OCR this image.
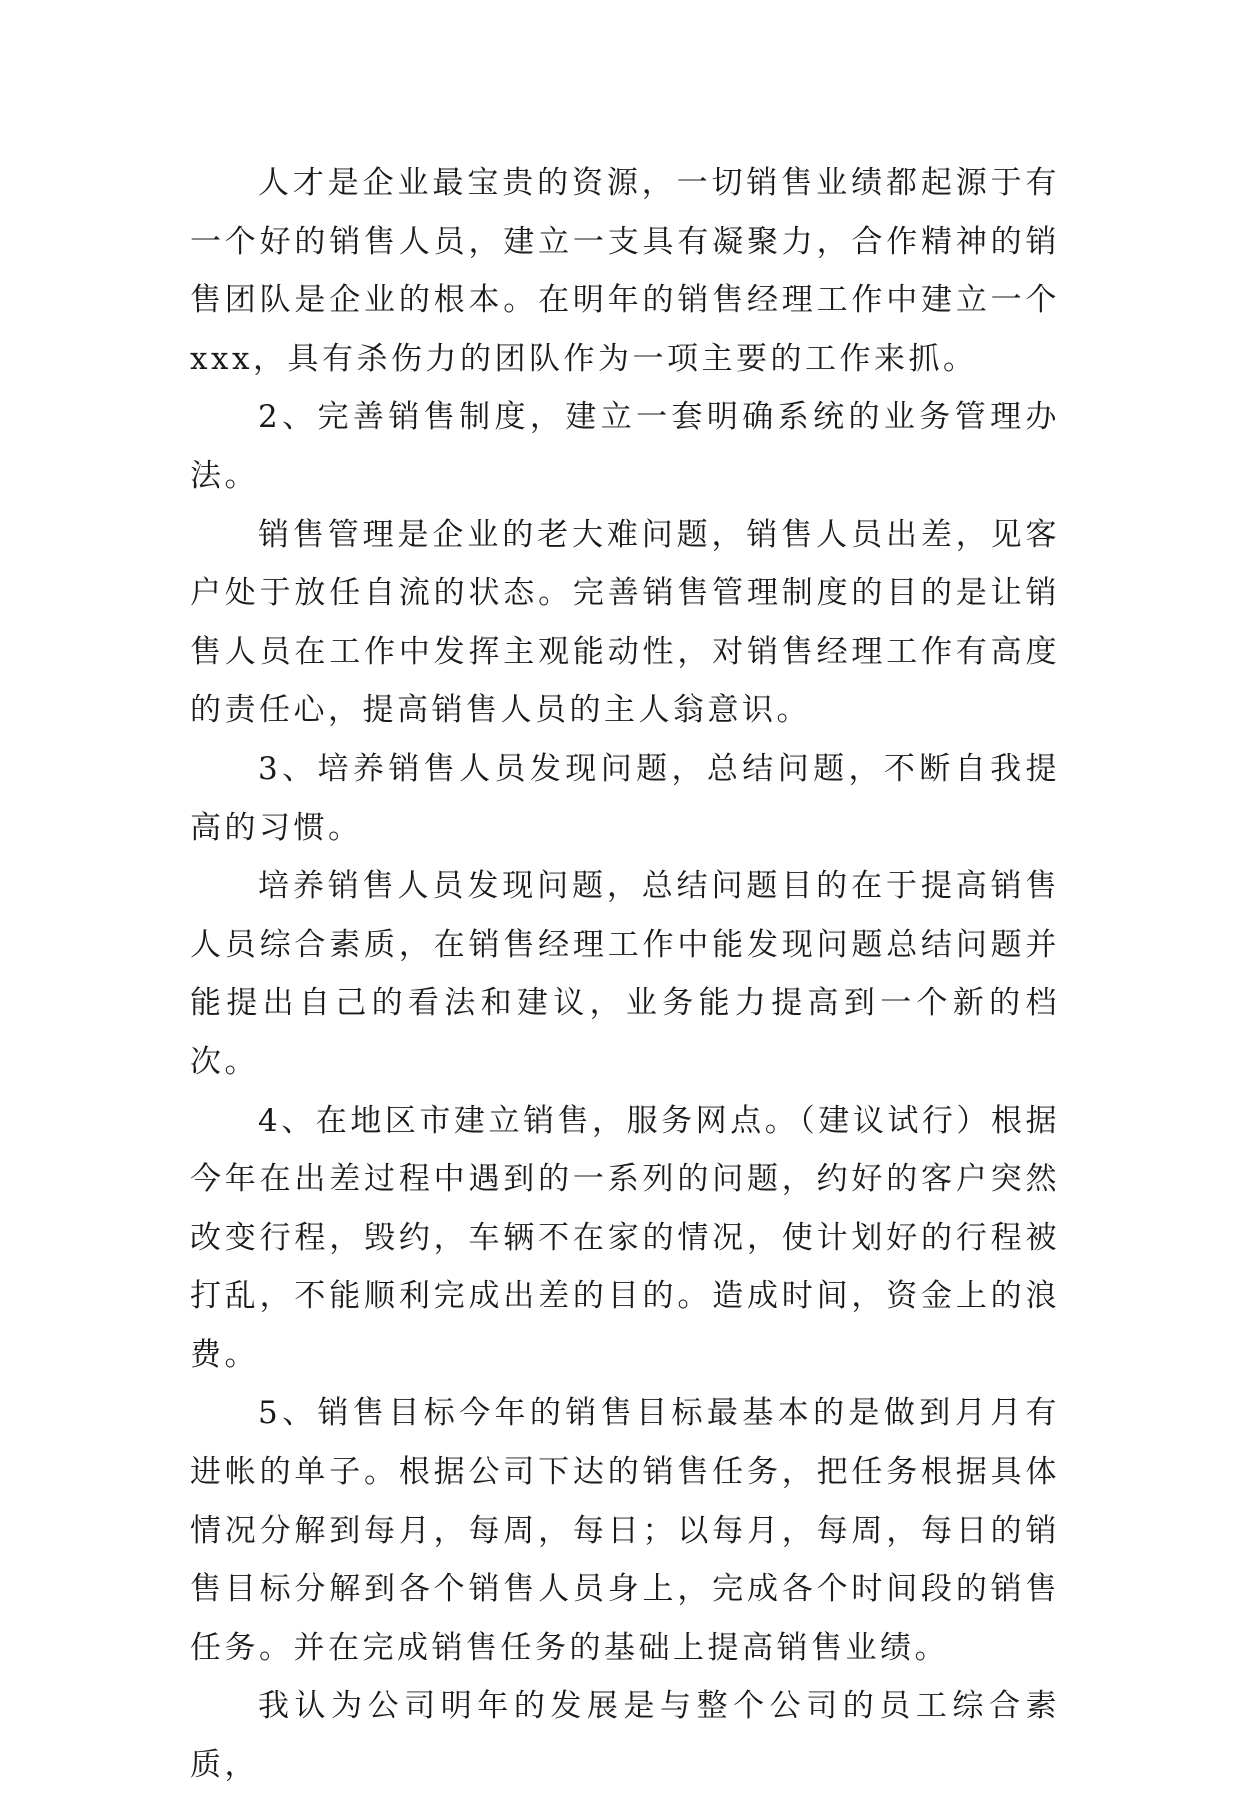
人才是企业最宝贵的资源，一切销售业绩都起源于有一个好的销售人员，建立一支具有凝聚力，合作精神的销售团队是企业的根本。在明年的销售经理工作中建立一个 xxx，具有杀伤力的团队作为一项主要的工作来抓。

2、完善销售制度，建立一套明确系统的业务管理办法。

销售管理是企业的老大难问题，销售人员出差，见客户处于放任自流的状态。完善销售管理制度的目的是让销售人员在工作中发挥主观能动性，对销售经理工作有高度的责任心，提高销售人员的主人翁意识。

3、培养销售人员发现问题，总结问题，不断自我提高的习惯。

培养销售人员发现问题，总结问题目的在于提高销售人员综合素质，在销售经理工作中能发现问题总结问题并能提出自己的看法和建议，业务能力提高到一个新的档次。

4、在地区市建立销售，服务网点。（建议试行）根据今年在出差过程中遇到的一系列的问题，约好的客户突然改变行程，毁约，车辆不在家的情况，使计划好的行程被打乱，不能顺利完成出差的目的。造成时间，资金上的浪费。

5、销售目标今年的销售目标最基本的是做到月月有进帐的单子。根据公司下达的销售任务，把任务根据具体情况分解到每月，每周，每日；以每月，每周，每日的销售目标分解到各个销售人员身上，完成各个时间段的销售任务。并在完成销售任务的基础上提高销售业绩。

我认为公司明年的发展是与整个公司的员工综合素质，
